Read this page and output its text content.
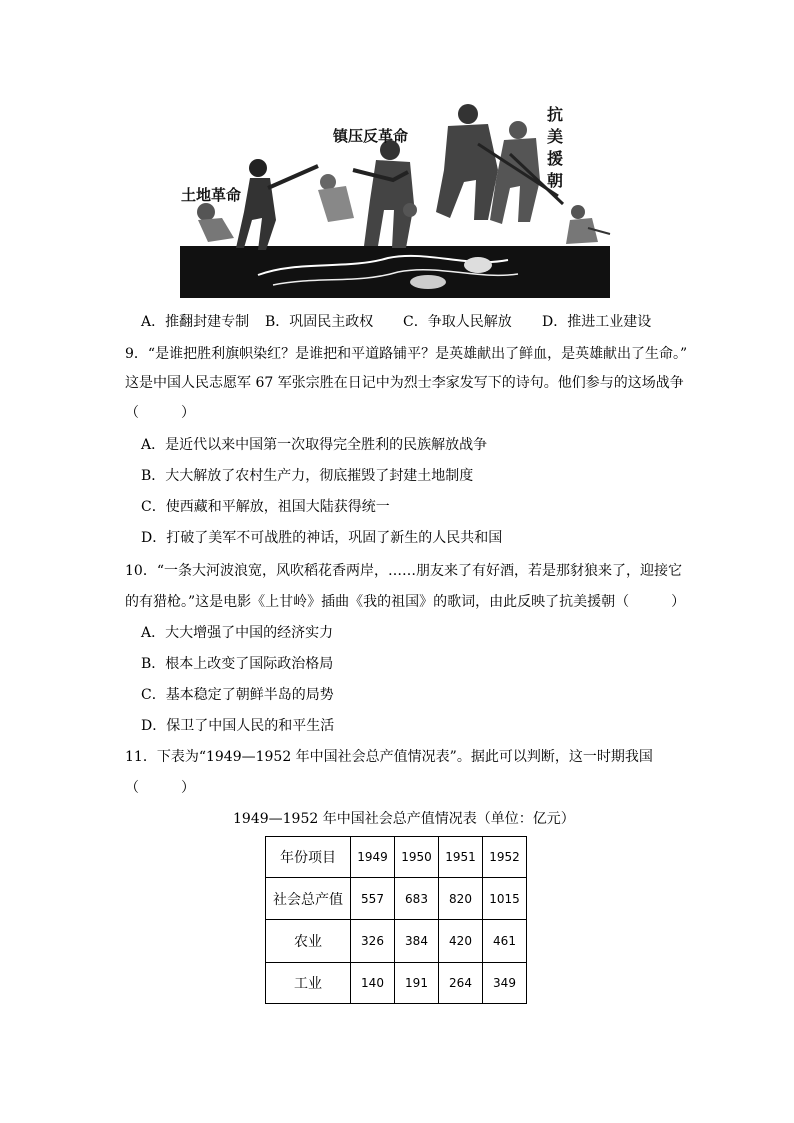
土地革命
镇压反革命
抗
美
援
朝
A．推翻封建专制 B．巩固民主政权 C．争取人民解放 D．推进工业建设
9．“是谁把胜利旗帜染红？是谁把和平道路铺平？是英雄献出了鲜血，是英雄献出了生命。”
这是中国人民志愿军 67 军张宗胜在日记中为烈士李家发写下的诗句。他们参与的这场战争
（　　　）
A．是近代以来中国第一次取得完全胜利的民族解放战争
B．大大解放了农村生产力，彻底摧毁了封建土地制度
C．使西藏和平解放，祖国大陆获得统一
D．打破了美军不可战胜的神话，巩固了新生的人民共和国
10．“一条大河波浪宽，风吹稻花香两岸，……朋友来了有好酒，若是那豺狼来了，迎接它
的有猎枪。”这是电影《上甘岭》插曲《我的祖国》的歌词，由此反映了抗美援朝（　　　）
A．大大增强了中国的经济实力
B．根本上改变了国际政治格局
C．基本稳定了朝鲜半岛的局势
D．保卫了中国人民的和平生活
11．下表为“1949—1952 年中国社会总产值情况表”。据此可以判断，这一时期我国
（　　　）
1949—1952 年中国社会总产值情况表（单位：亿元）
年份项目	1949	1950	1951	1952
社会总产值	557	683	820	1015
农业	326	384	420	461
工业	140	191	264	349
